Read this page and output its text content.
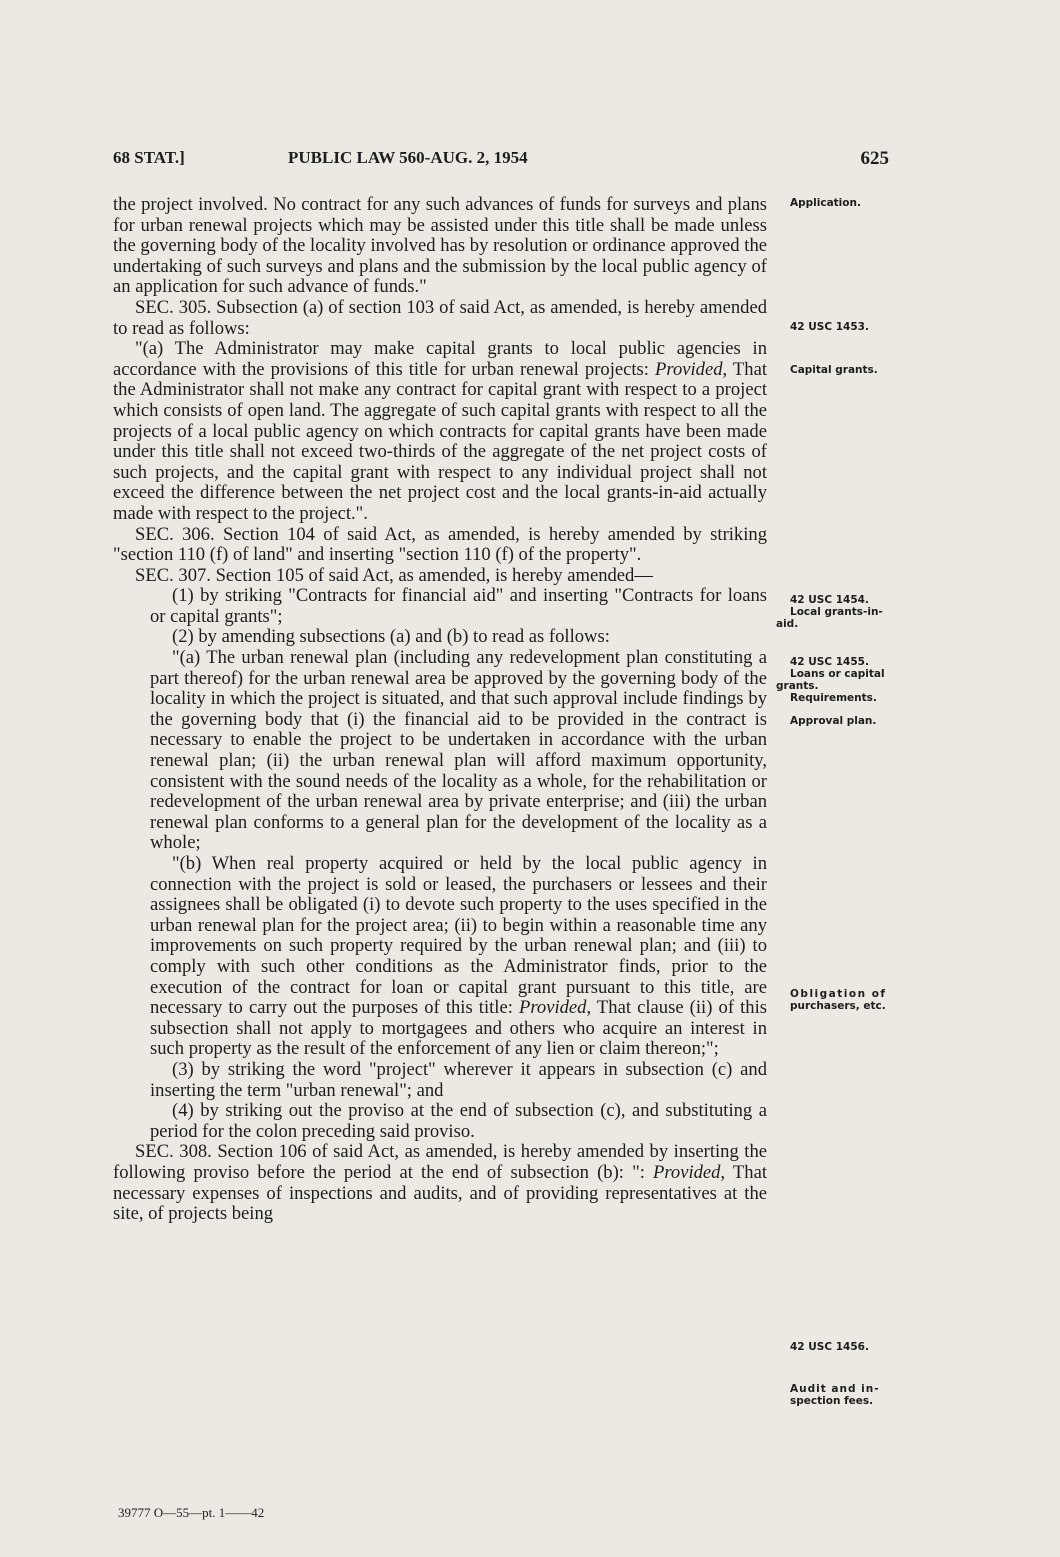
68 STAT.]	PUBLIC LAW 560-AUG. 2, 1954	625

the project involved. No contract for any such advances of funds for surveys and plans for urban renewal projects which may be assisted under this title shall be made unless the governing body of the locality involved has by resolution or ordinance approved the undertaking of such surveys and plans and the submission by the local public agency of an application for such advance of funds."

SEC. 305. Subsection (a) of section 103 of said Act, as amended, is hereby amended to read as follows:

"(a) The Administrator may make capital grants to local public agencies in accordance with the provisions of this title for urban renewal projects: Provided, That the Administrator shall not make any contract for capital grant with respect to a project which consists of open land. The aggregate of such capital grants with respect to all the projects of a local public agency on which contracts for capital grants have been made under this title shall not exceed two-thirds of the aggregate of the net project costs of such projects, and the capital grant with respect to any individual project shall not exceed the difference between the net project cost and the local grants-in-aid actually made with respect to the project.".

SEC. 306. Section 104 of said Act, as amended, is hereby amended by striking "section 110 (f) of land" and inserting "section 110 (f) of the property".

SEC. 307. Section 105 of said Act, as amended, is hereby amended—

(1) by striking "Contracts for financial aid" and inserting "Contracts for loans or capital grants";

(2) by amending subsections (a) and (b) to read as follows:

"(a) The urban renewal plan (including any redevelopment plan constituting a part thereof) for the urban renewal area be approved by the governing body of the locality in which the project is situated, and that such approval include findings by the governing body that (i) the financial aid to be provided in the contract is necessary to enable the project to be undertaken in accordance with the urban renewal plan; (ii) the urban renewal plan will afford maximum opportunity, consistent with the sound needs of the locality as a whole, for the rehabilitation or redevelopment of the urban renewal area by private enterprise; and (iii) the urban renewal plan conforms to a general plan for the development of the locality as a whole;

"(b) When real property acquired or held by the local public agency in connection with the project is sold or leased, the purchasers or lessees and their assignees shall be obligated (i) to devote such property to the uses specified in the urban renewal plan for the project area; (ii) to begin within a reasonable time any improvements on such property required by the urban renewal plan; and (iii) to comply with such other conditions as the Administrator finds, prior to the execution of the contract for loan or capital grant pursuant to this title, are necessary to carry out the purposes of this title: Provided, That clause (ii) of this subsection shall not apply to mortgagees and others who acquire an interest in such property as the result of the enforcement of any lien or claim thereon;";

(3) by striking the word "project" wherever it appears in subsection (c) and inserting the term "urban renewal"; and

(4) by striking out the proviso at the end of subsection (c), and substituting a period for the colon preceding said proviso.

SEC. 308. Section 106 of said Act, as amended, is hereby amended by inserting the following proviso before the period at the end of subsection (b): ": Provided, That necessary expenses of inspections and audits, and of providing representatives at the site, of projects being

Application.
42 USC 1453.
Capital grants.
42 USC 1454.
Local grants-in-
aid.
42 USC 1455.
Loans or capital
grants.
Requirements.
Approval plan.
Obligation of
purchasers, etc.
42 USC 1456.
Audit and in-
spection fees.
39777 O—55—pt. 1——42
